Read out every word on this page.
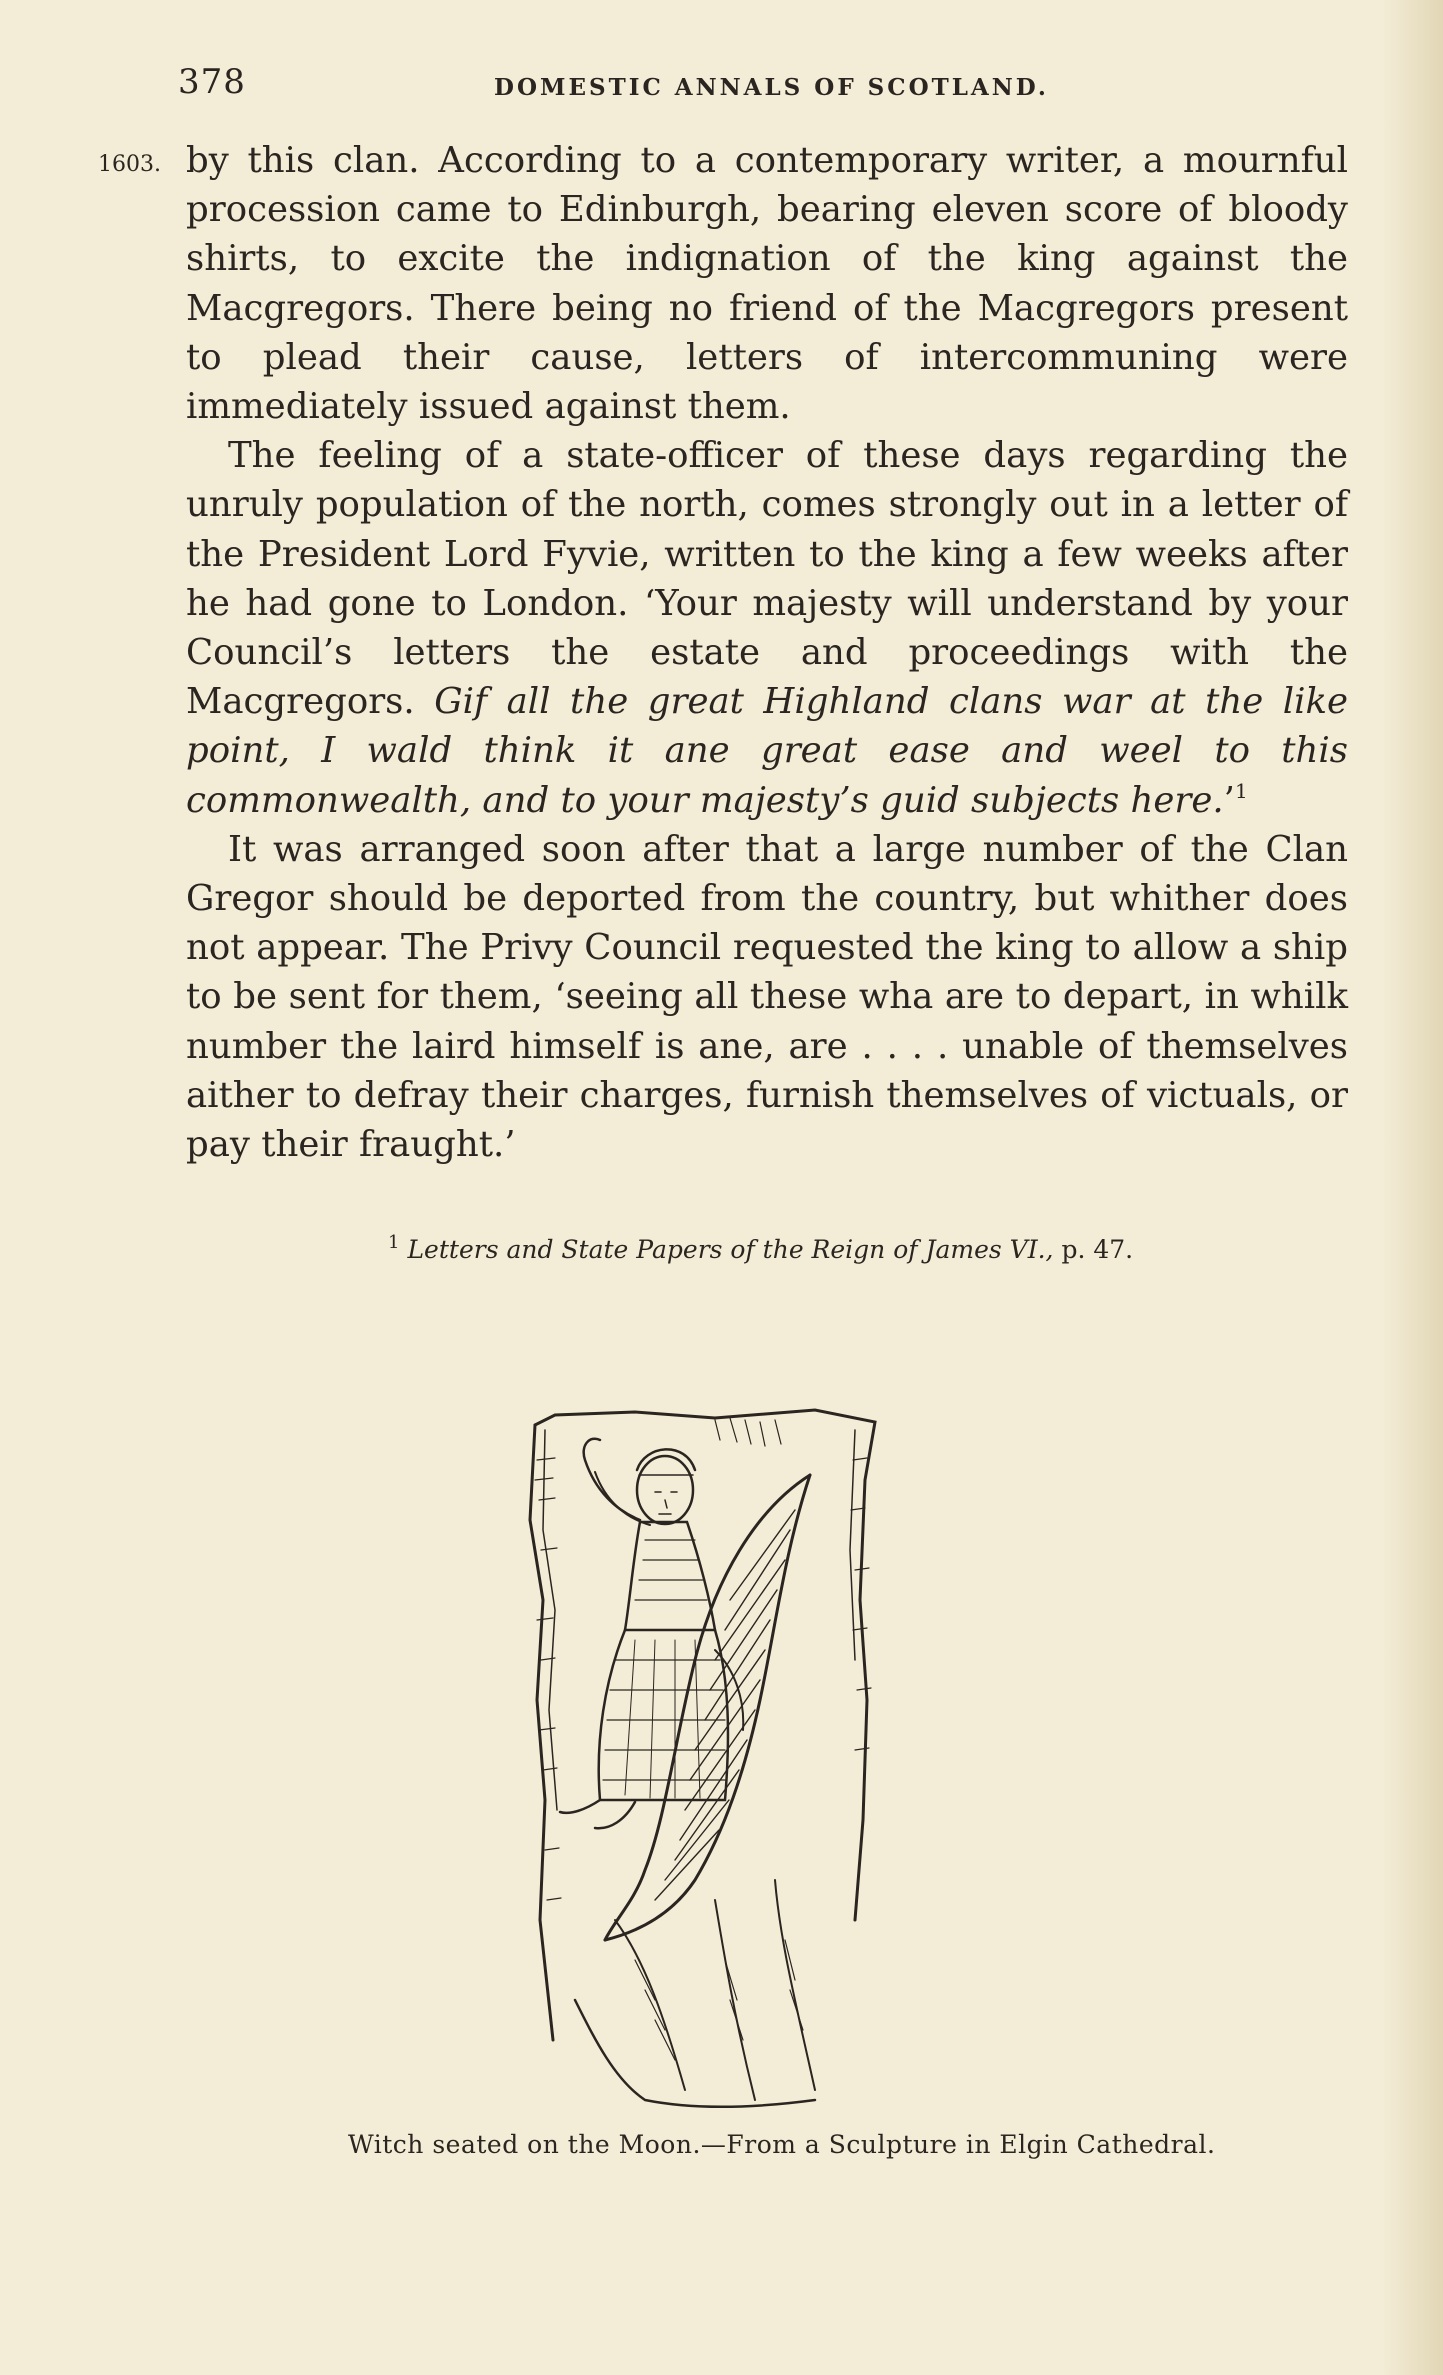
378	DOMESTIC ANNALS OF SCOTLAND.
1603. by this clan. According to a contemporary writer, a mournful procession came to Edinburgh, bearing eleven score of bloody shirts, to excite the indignation of the king against the Macgregors. There being no friend of the Macgregors present to plead their cause, letters of intercommuning were immediately issued against them.

The feeling of a state-officer of these days regarding the unruly population of the north, comes strongly out in a letter of the President Lord Fyvie, written to the king a few weeks after he had gone to London. ‘Your majesty will understand by your Council’s letters the estate and proceedings with the Macgregors. Gif all the great Highland clans war at the like point, I wald think it ane great ease and weel to this commonwealth, and to your majesty’s guid subjects here.’$^1$

It was arranged soon after that a large number of the Clan Gregor should be deported from the country, but whither does not appear. The Privy Council requested the king to allow a ship to be sent for them, ‘seeing all these wha are to depart, in whilk number the laird himself is ane, are . . . . unable of themselves aither to defray their charges, furnish themselves of victuals, or pay their fraught.’

$^1$ Letters and State Papers of the Reign of James VI., p. 47.
Witch seated on the Moon.—From a Sculpture in Elgin Cathedral.
